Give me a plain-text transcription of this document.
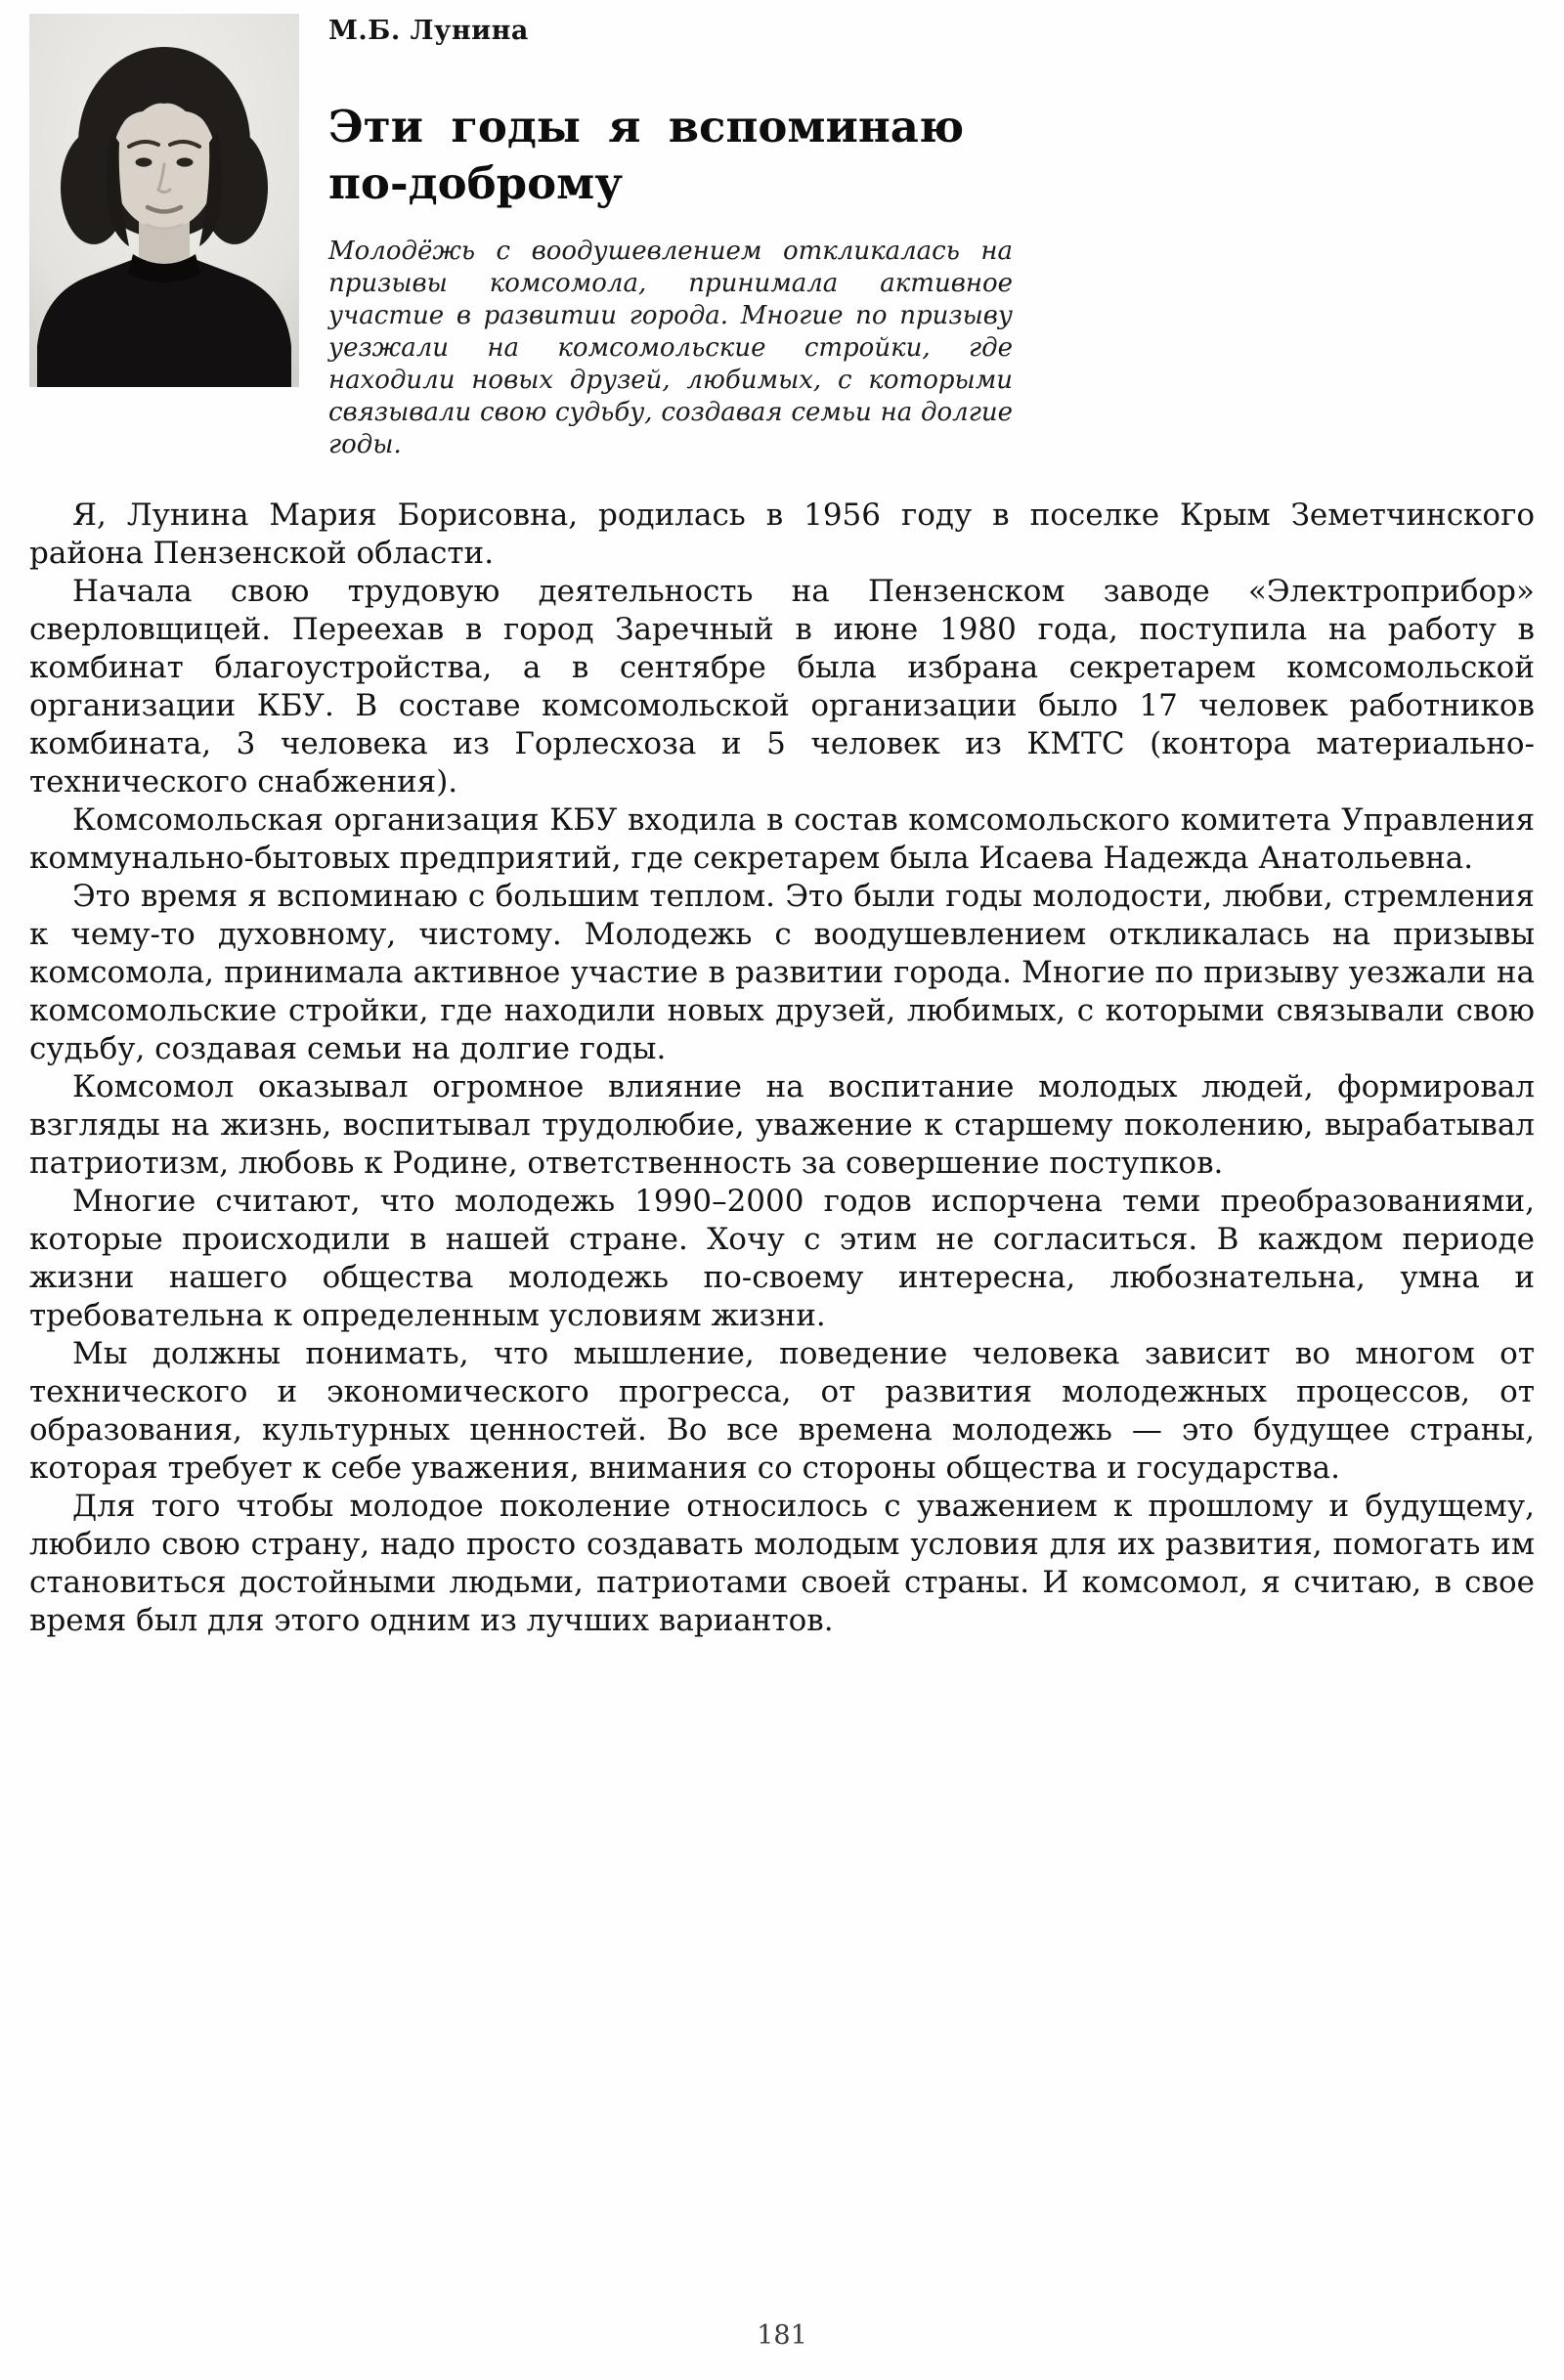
М.Б. Лунина
Эти годы я вспоминаю
по-доброму

Молодёжь с воодушевлением откликалась на призывы комсомола, принимала активное участие в развитии города. Многие по призыву уезжали на комсомольские стройки, где находили новых друзей, любимых, с которыми связывали свою судьбу, создавая семьи на долгие годы.

Я, Лунина Мария Борисовна, родилась в 1956 году в поселке Крым Земетчинского района Пензенской области.

Начала свою трудовую деятельность на Пензенском заводе «Электроприбор» сверловщицей. Переехав в город Заречный в июне 1980 года, поступила на работу в комбинат благоустройства, а в сентябре была избрана секретарем комсомольской организации КБУ. В составе комсомольской организации было 17 человек работников комбината, 3 человека из Горлесхоза и 5 человек из КМТС (контора материально-технического снабжения).

Комсомольская организация КБУ входила в состав комсомольского комитета Управления коммунально-бытовых предприятий, где секретарем была Исаева Надежда Анатольевна.

Это время я вспоминаю с большим теплом. Это были годы молодости, любви, стремления к чему-то духовному, чистому. Молодежь с воодушевлением откликалась на призывы комсомола, принимала активное участие в развитии города. Многие по призыву уезжали на комсомольские стройки, где находили новых друзей, любимых, с которыми связывали свою судьбу, создавая семьи на долгие годы.

Комсомол оказывал огромное влияние на воспитание молодых людей, формировал взгляды на жизнь, воспитывал трудолюбие, уважение к старшему поколению, вырабатывал патриотизм, любовь к Родине, ответственность за совершение поступков.

Многие считают, что молодежь 1990–2000 годов испорчена теми преобразованиями, которые происходили в нашей стране. Хочу с этим не согласиться. В каждом периоде жизни нашего общества молодежь по-своему интересна, любознательна, умна и требовательна к определенным условиям жизни.

Мы должны понимать, что мышление, поведение человека зависит во многом от технического и экономического прогресса, от развития молодежных процессов, от образования, культурных ценностей. Во все времена молодежь — это будущее страны, которая требует к себе уважения, внимания со стороны общества и государства.

Для того чтобы молодое поколение относилось с уважением к прошлому и будущему, любило свою страну, надо просто создавать молодым условия для их развития, помогать им становиться достойными людьми, патриотами своей страны. И комсомол, я считаю, в свое время был для этого одним из лучших вариантов.

181
